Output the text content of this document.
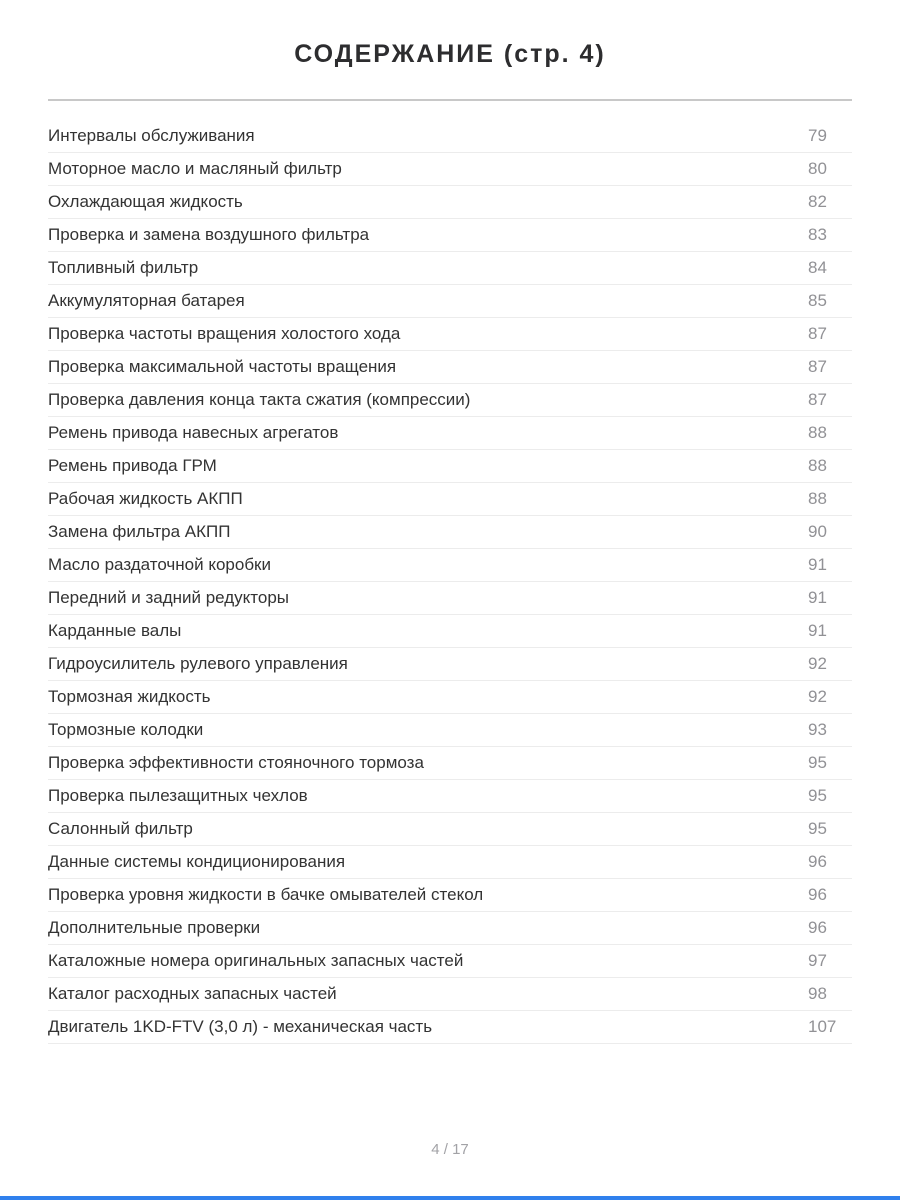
СОДЕРЖАНИЕ (стр. 4)
Интервалы обслуживания	79
Моторное масло и масляный фильтр	80
Охлаждающая жидкость	82
Проверка и замена воздушного фильтра	83
Топливный фильтр	84
Аккумуляторная батарея	85
Проверка частоты вращения холостого хода	87
Проверка максимальной частоты вращения	87
Проверка давления конца такта сжатия (компрессии)	87
Ремень привода навесных агрегатов	88
Ремень привода ГРМ	88
Рабочая жидкость АКПП	88
Замена фильтра АКПП	90
Масло раздаточной коробки	91
Передний и задний редукторы	91
Карданные валы	91
Гидроусилитель рулевого управления	92
Тормозная жидкость	92
Тормозные колодки	93
Проверка эффективности стояночного тормоза	95
Проверка пылезащитных чехлов	95
Салонный фильтр	95
Данные системы кондиционирования	96
Проверка уровня жидкости в бачке омывателей стекол	96
Дополнительные проверки	96
Каталожные номера оригинальных запасных частей	97
Каталог расходных запасных частей	98
Двигатель 1KD-FTV (3,0 л) - механическая часть	107
4 / 17
